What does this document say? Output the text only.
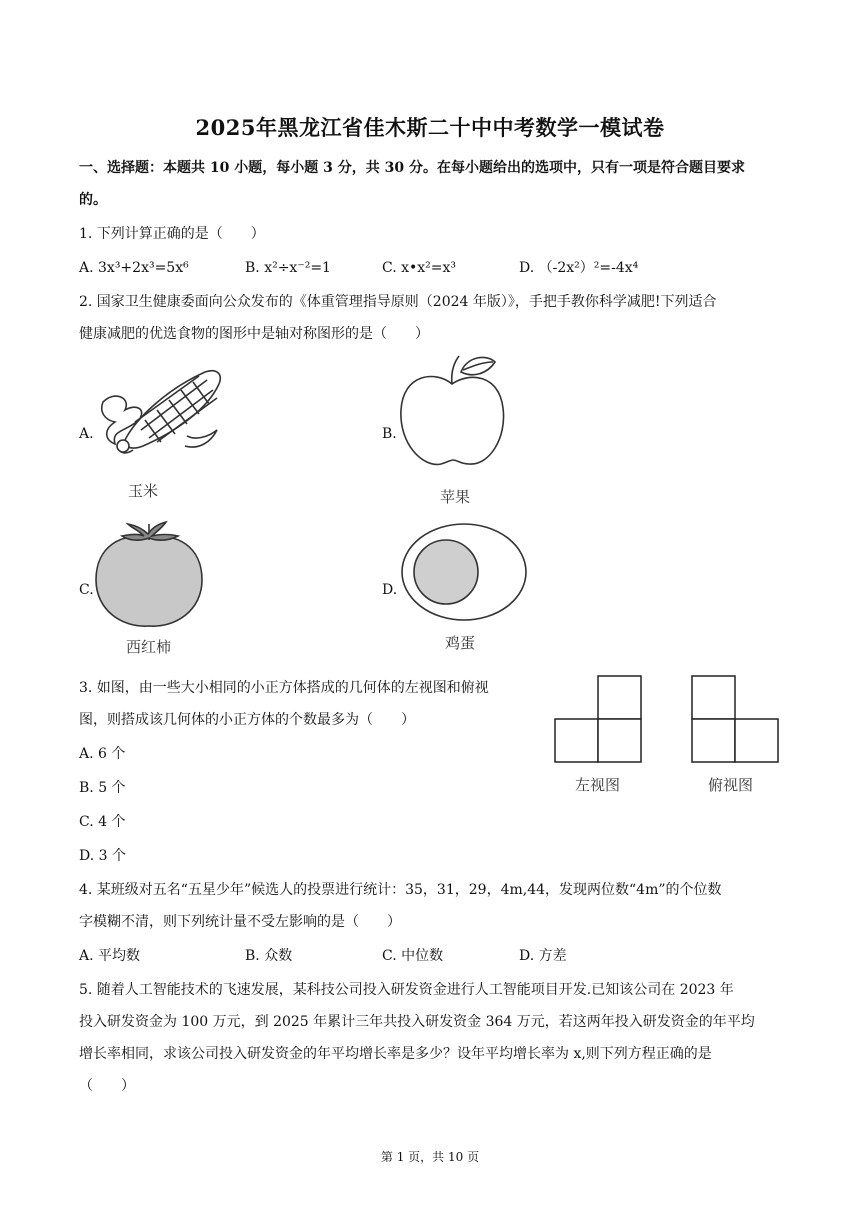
2025年黑龙江省佳木斯二十中中考数学一模试卷
一、选择题：本题共 10 小题，每小题 3 分，共 30 分。在每小题给出的选项中，只有一项是符合题目要求
的。
1. 下列计算正确的是（　　）
A. 3x³+2x³=5x⁶	B. x²÷x⁻²=1	C. x•x²=x³	D. （-2x²）²=-4x⁴
2. 国家卫生健康委面向公众发布的《体重管理指导原则（2024 年版）》，手把手教你科学减肥!下列适合
健康减肥的优选食物的图形中是轴对称图形的是（　　）
A.
玉米
B.
苹果
C.
西红柿
D.
鸡蛋
3. 如图，由一些大小相同的小正方体搭成的几何体的左视图和俯视
图，则搭成该几何体的小正方体的个数最多为（　　）
A. 6 个
B. 5 个
C. 4 个
D. 3 个
左视图	俯视图
4. 某班级对五名“五星少年”候选人的投票进行统计：35，31，29，4m,44，发现两位数“4m”的个位数
字模糊不清，则下列统计量不受左影响的是（　　）
A. 平均数	B. 众数	C. 中位数	D. 方差
5. 随着人工智能技术的飞速发展，某科技公司投入研发资金进行人工智能项目开发.已知该公司在 2023 年
投入研发资金为 100 万元，到 2025 年累计三年共投入研发资金 364 万元，若这两年投入研发资金的年平均
增长率相同，求该公司投入研发资金的年平均增长率是多少？设年平均增长率为 x,则下列方程正确的是
（　　）
第 1 页，共 10 页
